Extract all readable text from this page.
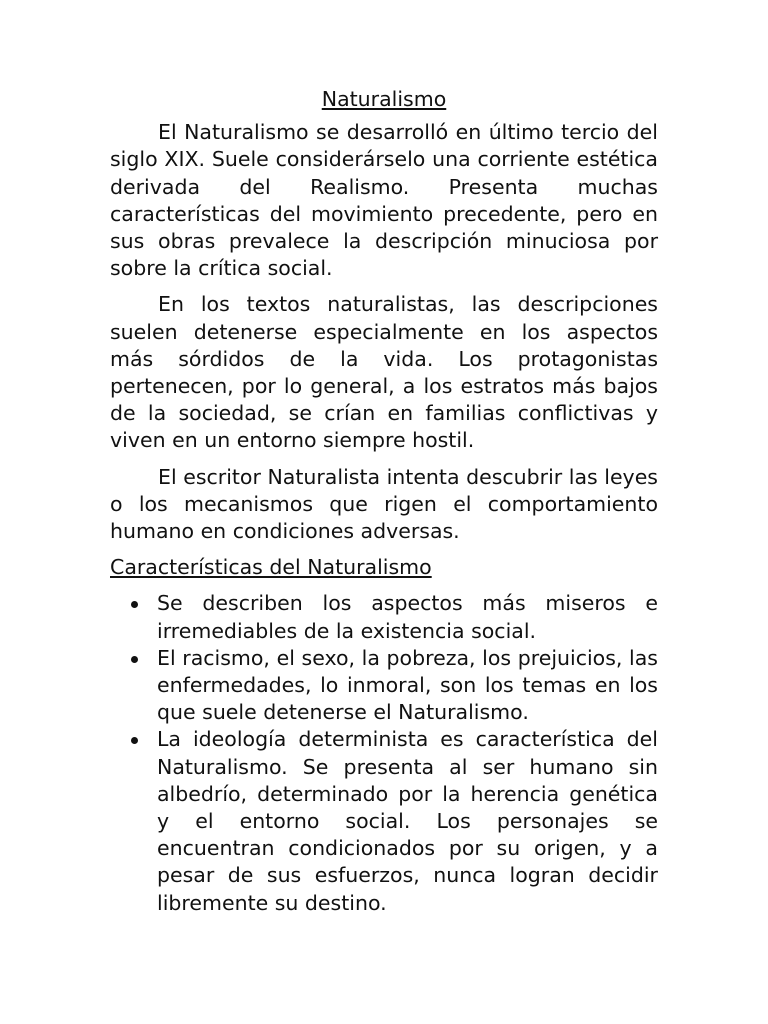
Naturalismo

El Naturalismo se desarrolló en último tercio del siglo XIX. Suele considerárselo una corriente estética derivada del Realismo. Presenta muchas características del movimiento precedente, pero en sus obras prevalece la descripción minuciosa por sobre la crítica social.

En los textos naturalistas, las descripciones suelen detenerse especialmente en los aspectos más sórdidos de la vida. Los protagonistas pertenecen, por lo general, a los estratos más bajos de la sociedad, se crían en familias conflictivas y viven en un entorno siempre hostil.

El escritor Naturalista intenta descubrir las leyes o los mecanismos que rigen el comportamiento humano en condiciones adversas.

Características del Naturalismo
Se describen los aspectos más miseros e irremediables de la existencia social.
El racismo, el sexo, la pobreza, los prejuicios, las enfermedades, lo inmoral, son los temas en los que suele detenerse el Naturalismo.
La ideología determinista es característica del Naturalismo. Se presenta al ser humano sin albedrío, determinado por la herencia genética y el entorno social. Los personajes se encuentran condicionados por su origen, y a pesar de sus esfuerzos, nunca logran decidir libremente su destino.
